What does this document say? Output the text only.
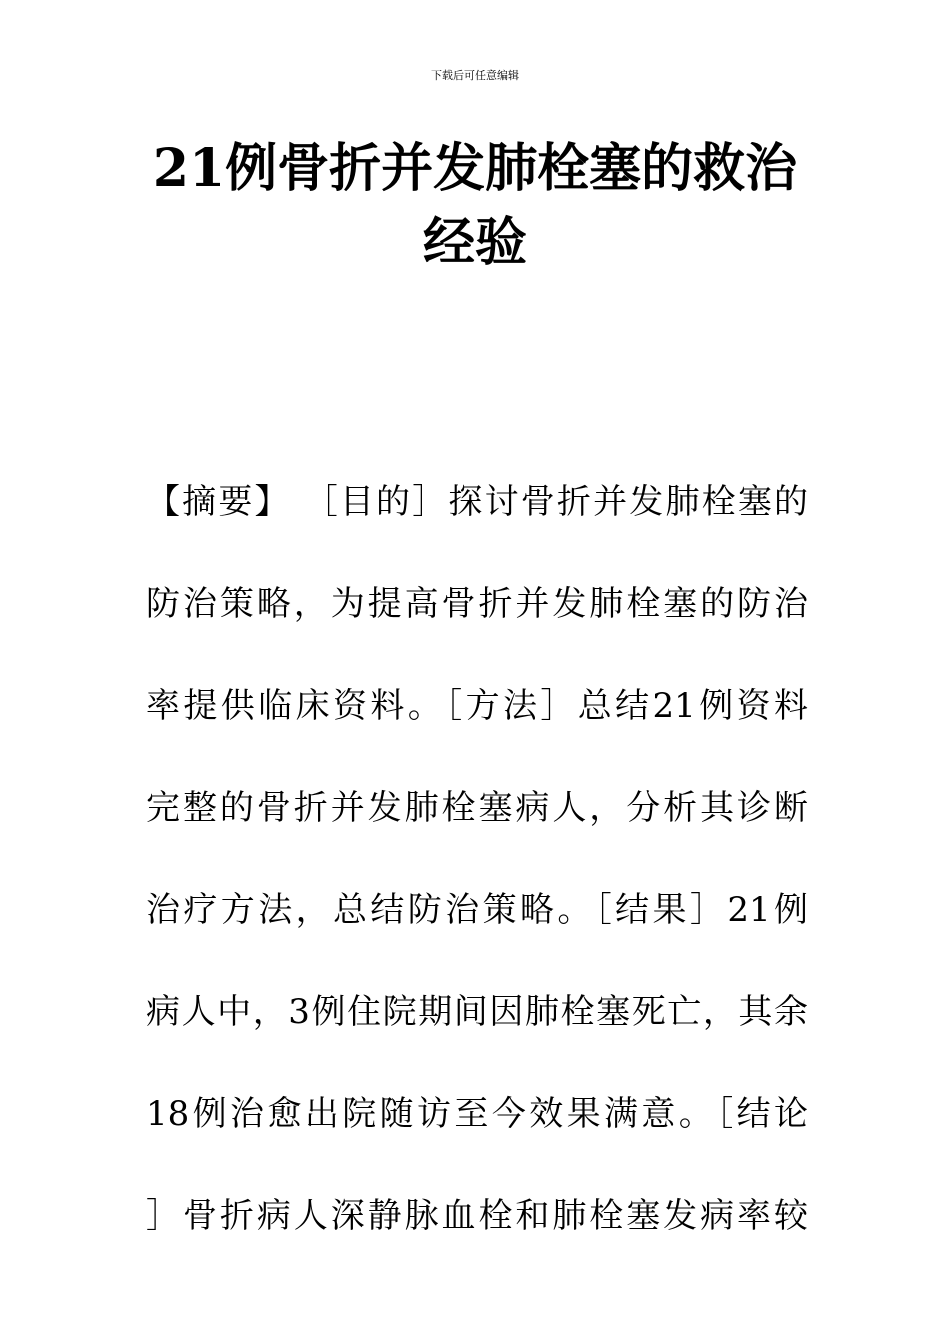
下载后可任意编辑
21例骨折并发肺栓塞的救治经验
【摘要】 ［目的］探讨骨折并发肺栓塞的
防治策略，为提高骨折并发肺栓塞的防治
率提供临床资料。［方法］总结21例资料
完整的骨折并发肺栓塞病人，分析其诊断
治疗方法，总结防治策略。［结果］21例
病人中，3例住院期间因肺栓塞死亡，其余
18例治愈出院随访至今效果满意。［结论
］骨折病人深静脉血栓和肺栓塞发病率较
